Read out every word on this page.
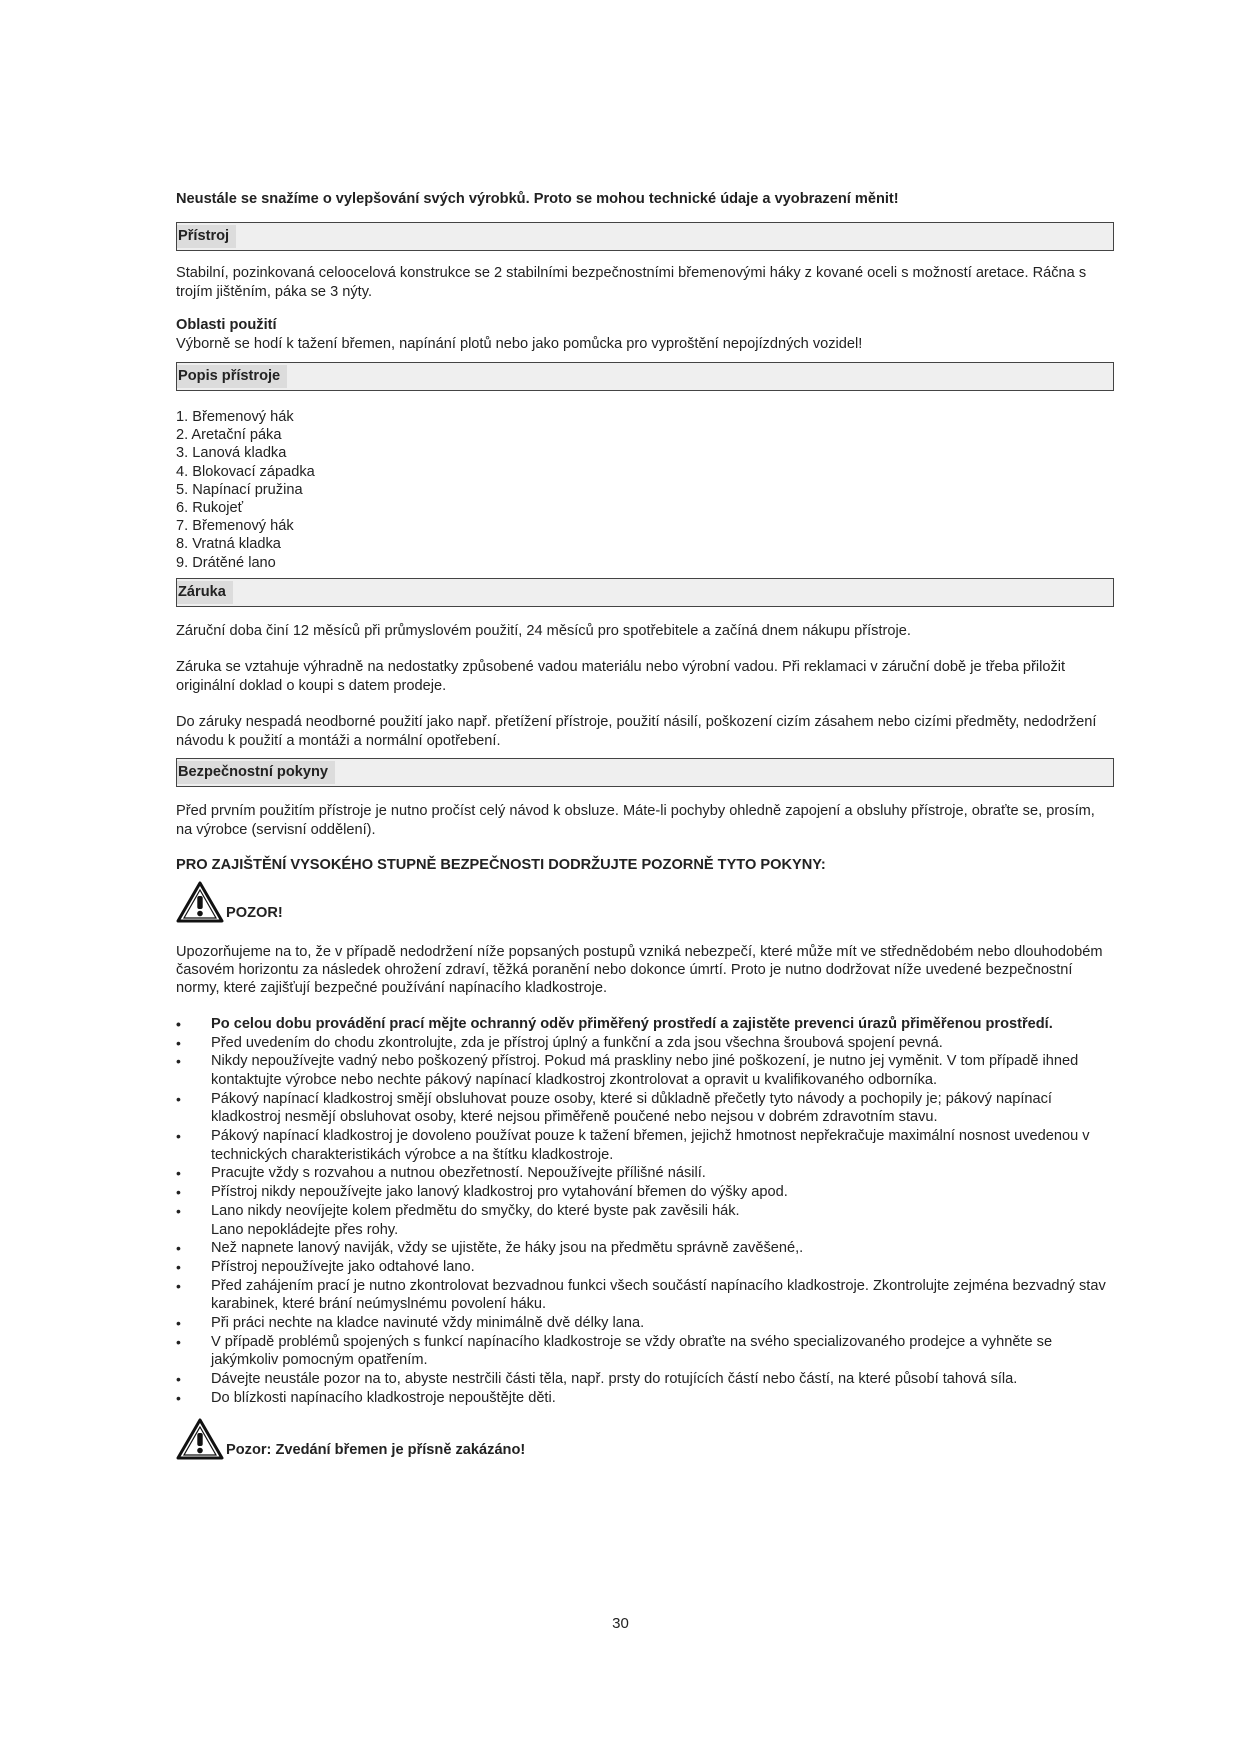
Neustále se snažíme o vylepšování svých výrobků. Proto se mohou technické údaje a vyobrazení měnit!

Přístroj

Stabilní, pozinkovaná celoocelová konstrukce se 2 stabilními bezpečnostními břemenovými háky z kované oceli s možností aretace. Ráčna s trojím jištěním, páka se 3 nýty.

Oblasti použití

Výborně se hodí k tažení břemen, napínání plotů nebo jako pomůcka pro vyproštění nepojízdných vozidel!

Popis přístroje
1. Břemenový hák
2. Aretační páka
3. Lanová kladka
4. Blokovací západka
5. Napínací pružina
6. Rukojeť
7. Břemenový hák
8. Vratná kladka
9. Drátěné lano
Záruka

Záruční doba činí 12 měsíců při průmyslovém použití, 24 měsíců pro spotřebitele a začíná dnem nákupu přístroje.

Záruka se vztahuje výhradně na nedostatky způsobené vadou materiálu nebo výrobní vadou. Při reklamaci v záruční době je třeba přiložit originální doklad o koupi s datem prodeje.

Do záruky nespadá neodborné použití jako např. přetížení přístroje, použití násilí, poškození cizím zásahem nebo cizími předměty, nedodržení návodu k použití a montáži a normální opotřebení.

Bezpečnostní pokyny

Před prvním použitím přístroje je nutno pročíst celý návod k obsluze. Máte-li pochyby ohledně zapojení a obsluhy přístroje, obraťte se, prosím, na výrobce (servisní oddělení).

PRO ZAJIŠTĚNÍ VYSOKÉHO STUPNĚ BEZPEČNOSTI DODRŽUJTE POZORNĚ TYTO POKYNY:

POZOR!

Upozorňujeme na to, že v případě nedodržení níže popsaných postupů vzniká nebezpečí, které může mít ve střednědobém nebo dlouhodobém časovém horizontu za následek ohrožení zdraví, těžká poranění nebo dokonce úmrtí. Proto je nutno dodržovat níže uvedené bezpečnostní normy, které zajišťují bezpečné používání napínacího kladkostroje.

• Po celou dobu provádění prací mějte ochranný oděv přiměřený prostředí a zajistěte prevenci úrazů přiměřenou prostředí.
• Před uvedením do chodu zkontrolujte, zda je přístroj úplný a funkční a zda jsou všechna šroubová spojení pevná.
• Nikdy nepoužívejte vadný nebo poškozený přístroj. Pokud má praskliny nebo jiné poškození, je nutno jej vyměnit. V tom případě ihned kontaktujte výrobce nebo nechte pákový napínací kladkostroj zkontrolovat a opravit u kvalifikovaného odborníka.
• Pákový napínací kladkostroj smějí obsluhovat pouze osoby, které si důkladně přečetly tyto návody a pochopily je; pákový napínací kladkostroj nesmějí obsluhovat osoby, které nejsou přiměřeně poučené nebo nejsou v dobrém zdravotním stavu.
• Pákový napínací kladkostroj je dovoleno používat pouze k tažení břemen, jejichž hmotnost nepřekračuje maximální nosnost uvedenou v technických charakteristikách výrobce a na štítku kladkostroje.
• Pracujte vždy s rozvahou a nutnou obezřetností. Nepoužívejte přílišné násilí.
• Přístroj nikdy nepoužívejte jako lanový kladkostroj pro vytahování břemen do výšky apod.
• Lano nikdy neovíjejte kolem předmětu do smyčky, do které byste pak zavěsili hák.
Lano nepokládejte přes rohy.
• Než napnete lanový naviják, vždy se ujistěte, že háky jsou na předmětu správně zavěšené,.
• Přístroj nepoužívejte jako odtahové lano.
• Před zahájením prací je nutno zkontrolovat bezvadnou funkci všech součástí napínacího kladkostroje. Zkontrolujte zejména bezvadný stav karabinek, které brání neúmyslnému povolení háku.
• Při práci nechte na kladce navinuté vždy minimálně dvě délky lana.
• V případě problémů spojených s funkcí napínacího kladkostroje se vždy obraťte na svého specializovaného prodejce a vyhněte se jakýmkoliv pomocným opatřením.
• Dávejte neustále pozor na to, abyste nestrčili části těla, např. prsty do rotujících částí nebo částí, na které působí tahová síla.
• Do blízkosti napínacího kladkostroje nepouštějte děti.
Pozor: Zvedání břemen je přísně zakázáno!
30
